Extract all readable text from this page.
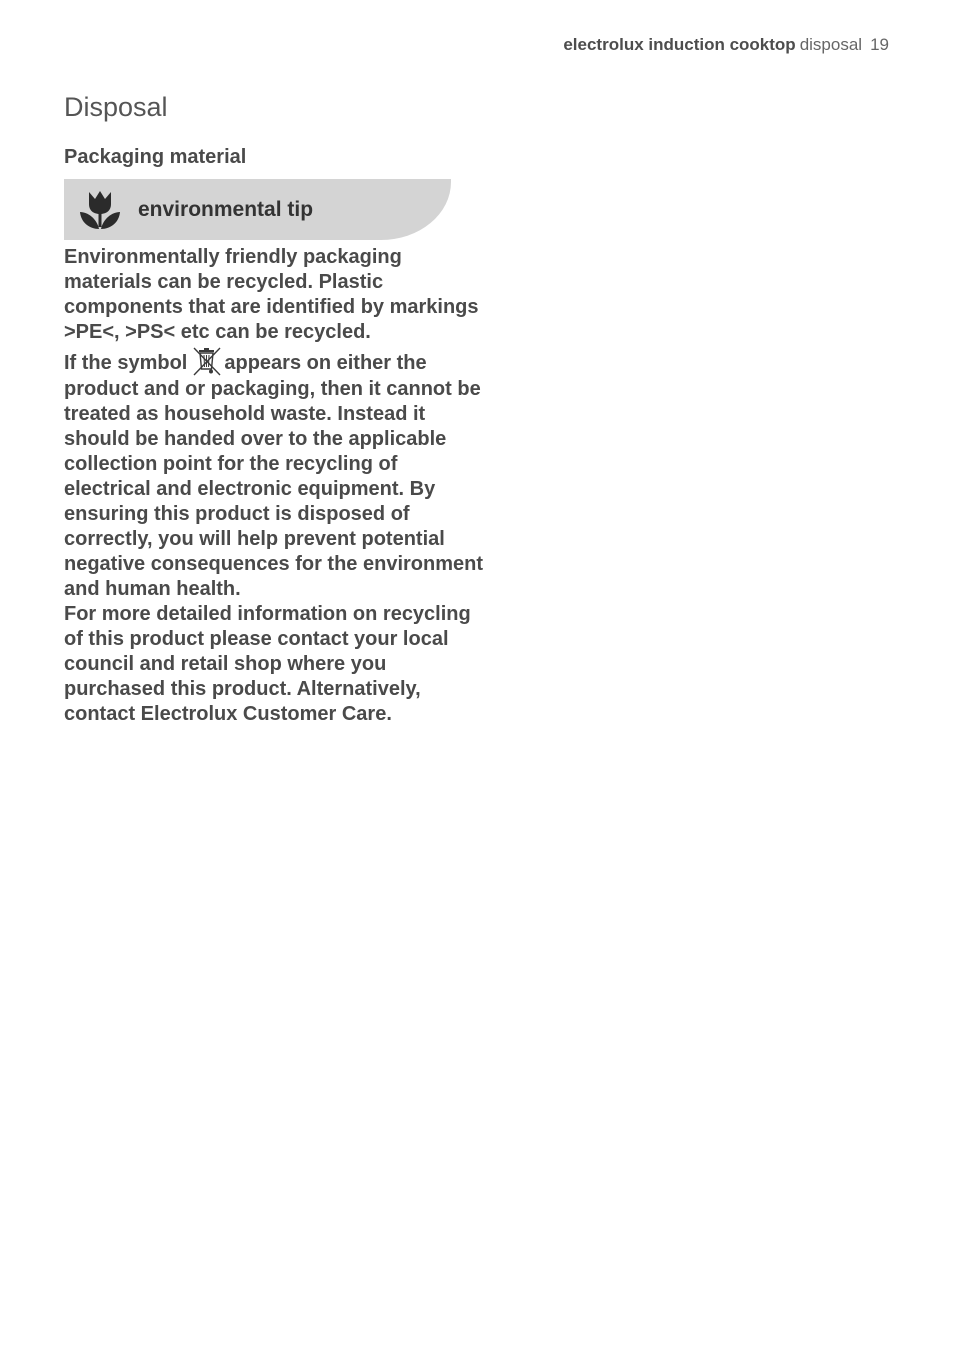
electrolux induction cooktop disposal 19
Disposal
Packaging material
environmental tip

Environmentally friendly packaging materials can be recycled. Plastic components that are identified by markings >PE<, >PS< etc can be recycled.

If the symbol appears on either the product and or packaging, then it cannot be treated as household waste. Instead it should be handed over to the applicable collection point for the recycling of electrical and electronic equipment. By ensuring this product is disposed of correctly, you will help prevent potential negative consequences for the environment and human health.

For more detailed information on recycling of this product please contact your local council and retail shop where you purchased this product. Alternatively, contact Electrolux Customer Care.
